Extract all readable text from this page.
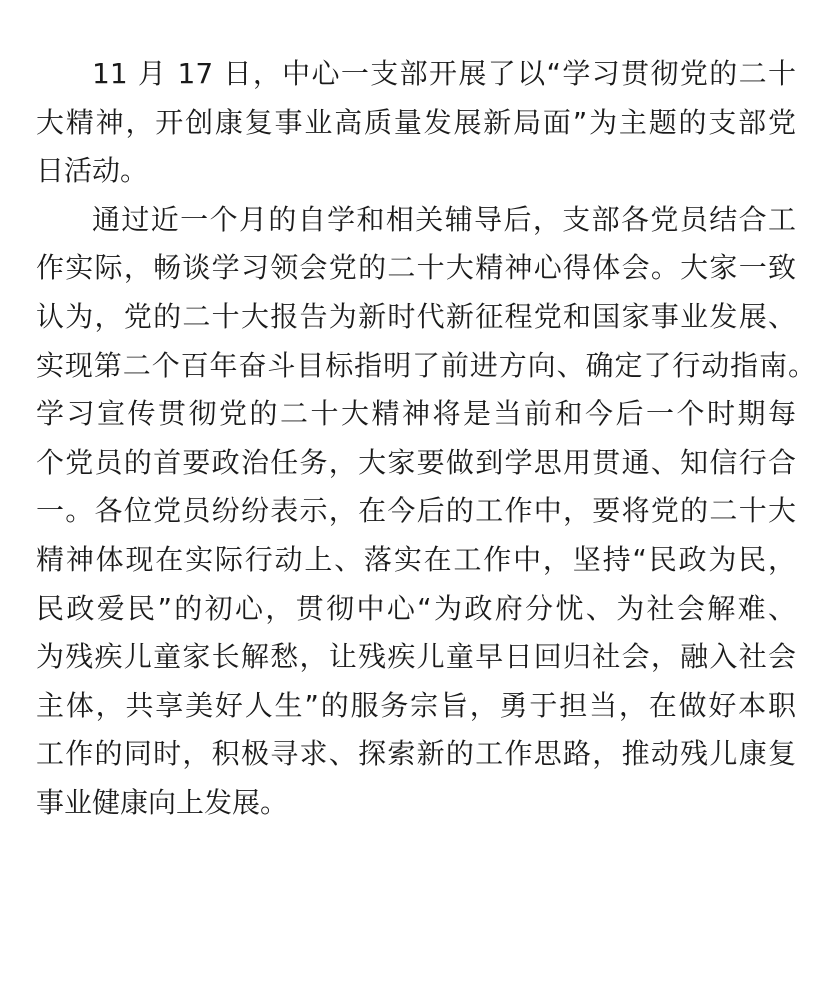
11 月 17 日，中心一支部开展了以“学习贯彻党的二十
大精神，开创康复事业高质量发展新局面”为主题的支部党
日活动。
通过近一个月的自学和相关辅导后，支部各党员结合工
作实际，畅谈学习领会党的二十大精神心得体会。大家一致
认为，党的二十大报告为新时代新征程党和国家事业发展、
实现第二个百年奋斗目标指明了前进方向、确定了行动指南。
学习宣传贯彻党的二十大精神将是当前和今后一个时期每
个党员的首要政治任务，大家要做到学思用贯通、知信行合
一。各位党员纷纷表示，在今后的工作中，要将党的二十大
精神体现在实际行动上、落实在工作中，坚持“民政为民，
民政爱民”的初心，贯彻中心“为政府分忧、为社会解难、
为残疾儿童家长解愁，让残疾儿童早日回归社会，融入社会
主体，共享美好人生”的服务宗旨，勇于担当，在做好本职
工作的同时，积极寻求、探索新的工作思路，推动残儿康复
事业健康向上发展。
